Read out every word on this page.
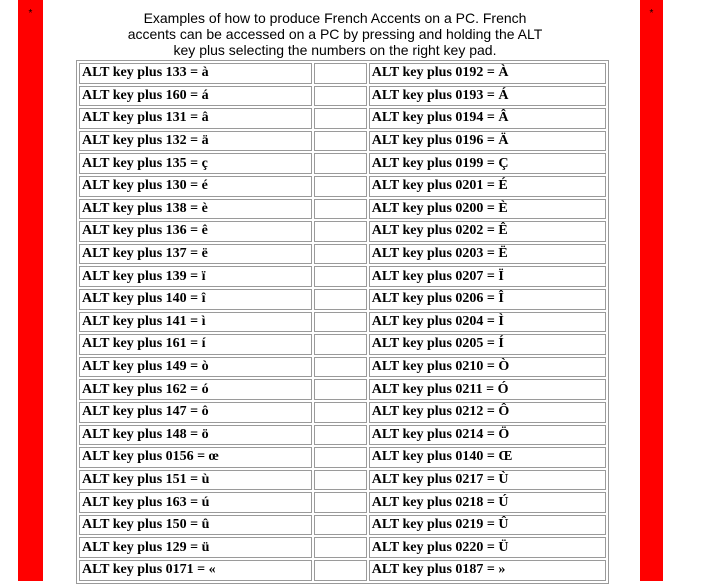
*	*
Examples of how to produce French Accents on a PC. French accents can be accessed on a PC by pressing and holding the ALT key plus selecting the numbers on the right key pad.
ALT key plus 133 = à		ALT key plus 0192 = À
ALT key plus 160 = á		ALT key plus 0193 = Á
ALT key plus 131 = â		ALT key plus 0194 = Â
ALT key plus 132 = ä		ALT key plus 0196 = Ä
ALT key plus 135 = ç		ALT key plus 0199 = Ç
ALT key plus 130 = é		ALT key plus 0201 = É
ALT key plus 138 = è		ALT key plus 0200 = È
ALT key plus 136 = ê		ALT key plus 0202 = Ê
ALT key plus 137 = ë		ALT key plus 0203 = Ë
ALT key plus 139 = ï		ALT key plus 0207 = Ï
ALT key plus 140 = î		ALT key plus 0206 = Î
ALT key plus 141 = ì		ALT key plus 0204 = Ì
ALT key plus 161 = í		ALT key plus 0205 = Í
ALT key plus 149 = ò		ALT key plus 0210 = Ò
ALT key plus 162 = ó		ALT key plus 0211 = Ó
ALT key plus 147 = ô		ALT key plus 0212 = Ô
ALT key plus 148 = ö		ALT key plus 0214 = Ö
ALT key plus 0156 = œ		ALT key plus 0140 = Œ
ALT key plus 151 = ù		ALT key plus 0217 = Ù
ALT key plus 163 = ú		ALT key plus 0218 = Ú
ALT key plus 150 = û		ALT key plus 0219 = Û
ALT key plus 129 = ü		ALT key plus 0220 = Ü
ALT key plus 0171 = «		ALT key plus 0187 = »
